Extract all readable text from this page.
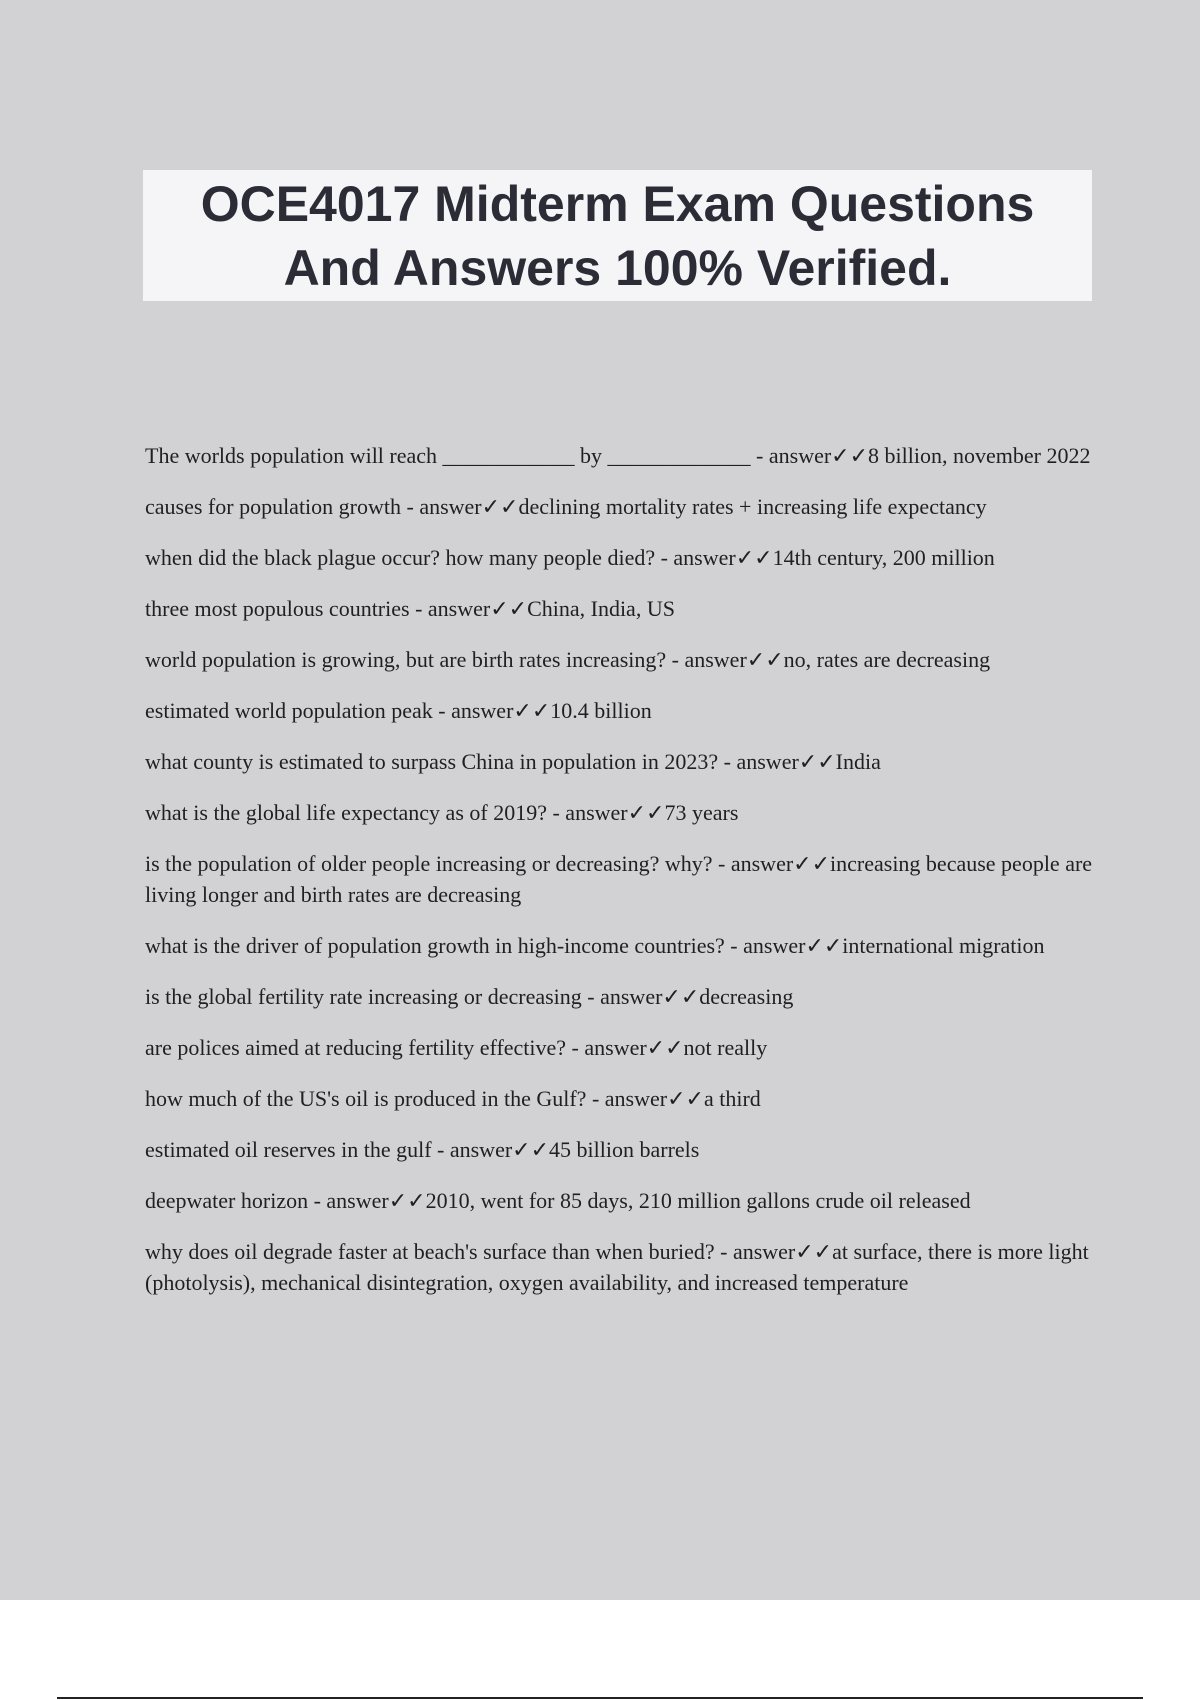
OCE4017 Midterm Exam Questions
And Answers 100% Verified.
The worlds population will reach ____________ by _____________ - answer✓✓8 billion, november 2022
causes for population growth - answer✓✓declining mortality rates + increasing life expectancy
when did the black plague occur? how many people died? - answer✓✓14th century, 200 million
three most populous countries - answer✓✓China, India, US
world population is growing, but are birth rates increasing? - answer✓✓no, rates are decreasing
estimated world population peak - answer✓✓10.4 billion
what county is estimated to surpass China in population in 2023? - answer✓✓India
what is the global life expectancy as of 2019? - answer✓✓73 years
is the population of older people increasing or decreasing? why? - answer✓✓increasing because people are living longer and birth rates are decreasing
what is the driver of population growth in high-income countries? - answer✓✓international migration
is the global fertility rate increasing or decreasing - answer✓✓decreasing
are polices aimed at reducing fertility effective? - answer✓✓not really
how much of the US's oil is produced in the Gulf? - answer✓✓a third
estimated oil reserves in the gulf - answer✓✓45 billion barrels
deepwater horizon - answer✓✓2010, went for 85 days, 210 million gallons crude oil released
why does oil degrade faster at beach's surface than when buried? - answer✓✓at surface, there is more light (photolysis), mechanical disintegration, oxygen availability, and increased temperature
